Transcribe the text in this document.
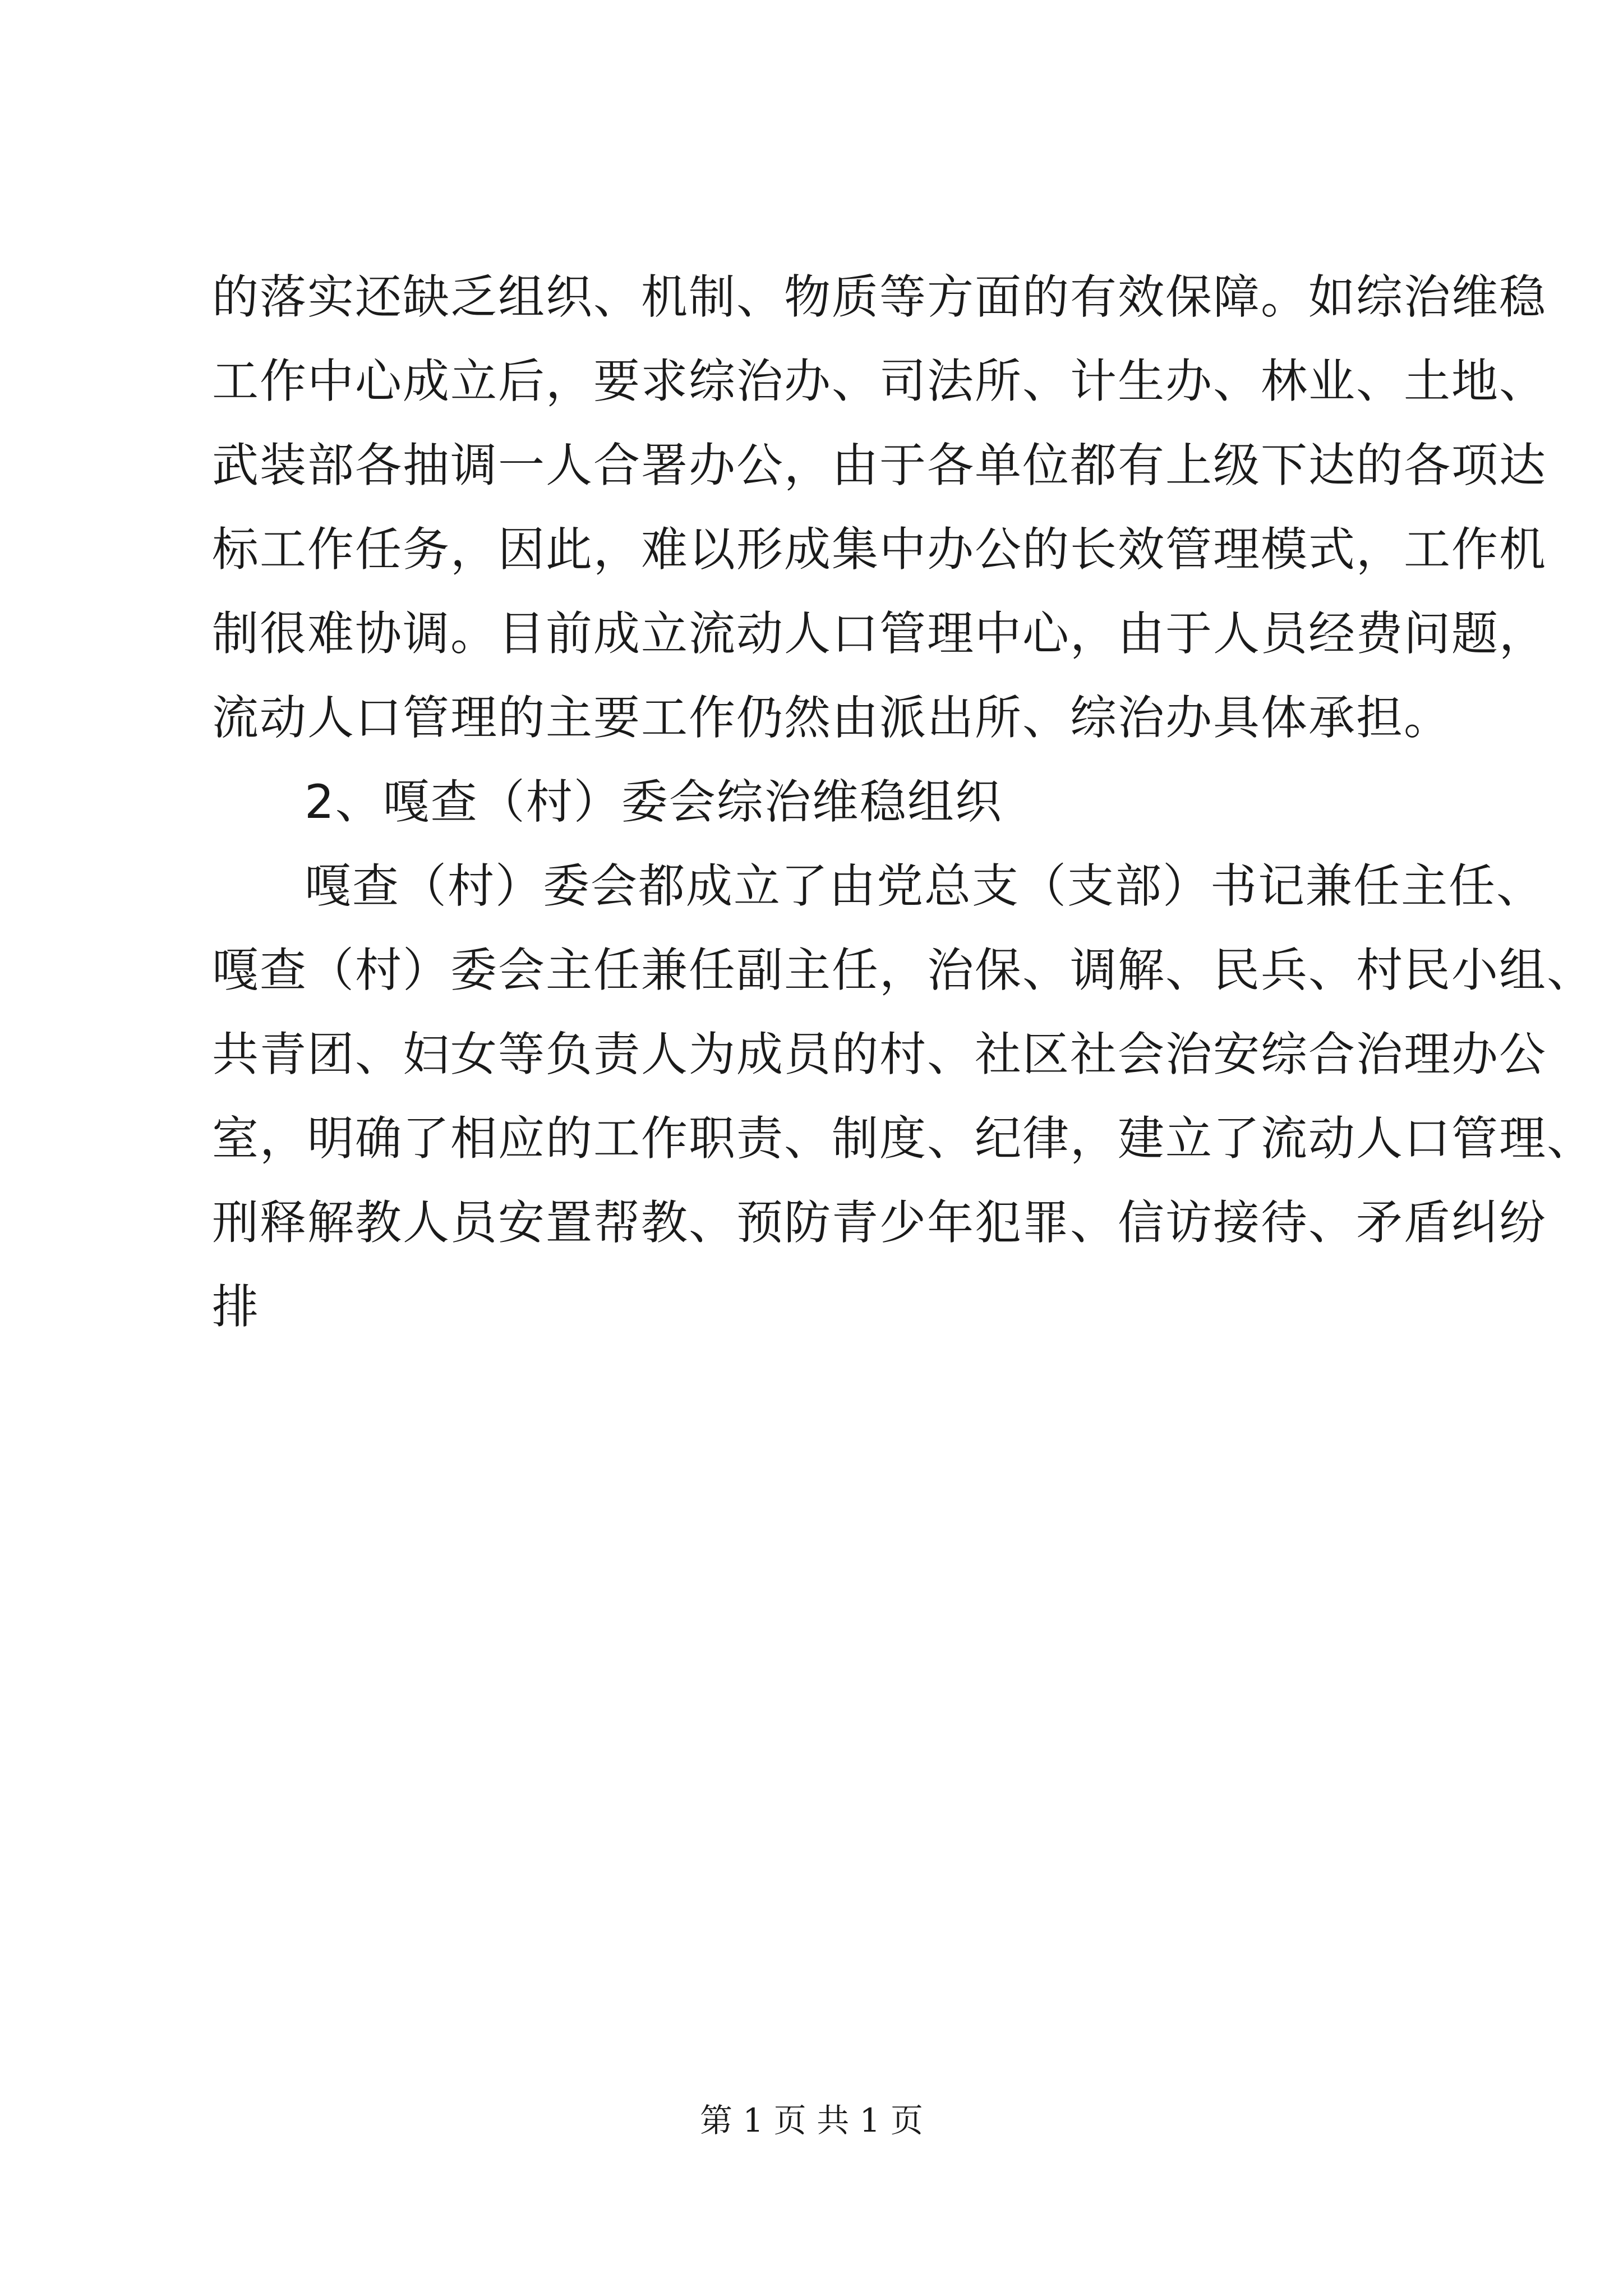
的落实还缺乏组织、机制、物质等方面的有效保障。如综治维稳
工作中心成立后，要求综治办、司法所、计生办、林业、土地、
武装部各抽调一人合署办公，由于各单位都有上级下达的各项达
标工作任务，因此，难以形成集中办公的长效管理模式，工作机
制很难协调。目前成立流动人口管理中心，由于人员经费问题，
流动人口管理的主要工作仍然由派出所、综治办具体承担。
2、嘎查（村）委会综治维稳组织
嘎查（村）委会都成立了由党总支（支部）书记兼任主任、
嘎查（村）委会主任兼任副主任，治保、调解、民兵、村民小组、
共青团、妇女等负责人为成员的村、社区社会治安综合治理办公
室，明确了相应的工作职责、制度、纪律，建立了流动人口管理、
刑释解教人员安置帮教、预防青少年犯罪、信访接待、矛盾纠纷
排
第 1 页 共 1 页
